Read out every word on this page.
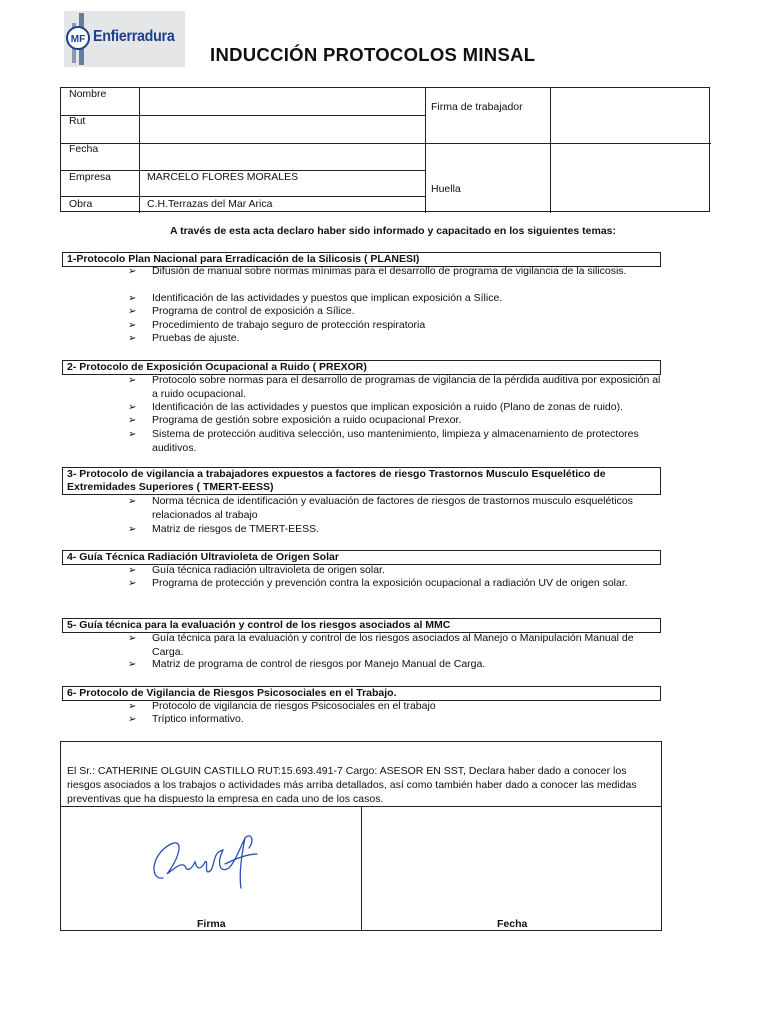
MF Enfierradura
INDUCCIÓN PROTOCOLOS MINSAL
Nombre
Rut
Fecha
Empresa	MARCELO FLORES MORALES
Obra	C.H.Terrazas del Mar Arica
Firma de trabajador
Huella
A través de esta acta declaro haber sido informado y capacitado en los siguientes temas:
1-Protocolo Plan Nacional para Erradicación de la Silicosis ( PLANESI)
➢ Difusión de manual sobre normas mínimas para el desarrollo de programa de vigilancia de la silicosis.
➢ Identificación de las actividades y puestos que implican exposición a Sílice.
➢ Programa de control de exposición a Sílice.
➢ Procedimiento de trabajo seguro de protección respiratoria
➢ Pruebas de ajuste.
2- Protocolo de Exposición Ocupacional a Ruido ( PREXOR)
➢ Protocolo sobre normas para el desarrollo de programas de vigilancia de la pérdida auditiva por exposición al a ruido ocupacional.
➢ Identificación de las actividades y puestos que implican exposición a ruido (Plano de zonas de ruido).
➢ Programa de gestión sobre exposición a ruido ocupacional Prexor.
➢ Sistema de protección auditiva selección, uso mantenimiento, limpieza y almacenamiento de protectores auditivos.
3- Protocolo de vigilancia a trabajadores expuestos a factores de riesgo Trastornos Musculo Esquelético de Extremidades Superiores ( TMERT-EESS)
➢ Norma técnica de identificación y evaluación de factores de riesgos de trastornos musculo esqueléticos relacionados al trabajo
➢ Matriz de riesgos de TMERT-EESS.
4- Guía Técnica Radiación Ultravioleta de Origen Solar
➢ Guía técnica radiación ultravioleta de origen solar.
➢ Programa de protección y prevención contra la exposición ocupacional a radiación UV de origen solar.
5- Guía técnica para la evaluación y control de los riesgos asociados al MMC
➢ Guía técnica para la evaluación y control de los riesgos asociados al Manejo o Manipulación Manual de Carga.
➢ Matriz de programa de control de riesgos por Manejo Manual de Carga.
6- Protocolo de Vigilancia de Riesgos Psicosociales en el Trabajo.
➢ Protocolo de vigilancia de riesgos Psicosociales en el trabajo
➢ Tríptico informativo.
El Sr.: CATHERINE OLGUIN CASTILLO RUT:15.693.491-7 Cargo: ASESOR EN SST, Declara haber dado a conocer los riesgos asociados a los trabajos o actividades más arriba detallados, así como también haber dado a conocer las medidas preventivas que ha dispuesto la empresa en cada uno de los casos.
Firma	Fecha
